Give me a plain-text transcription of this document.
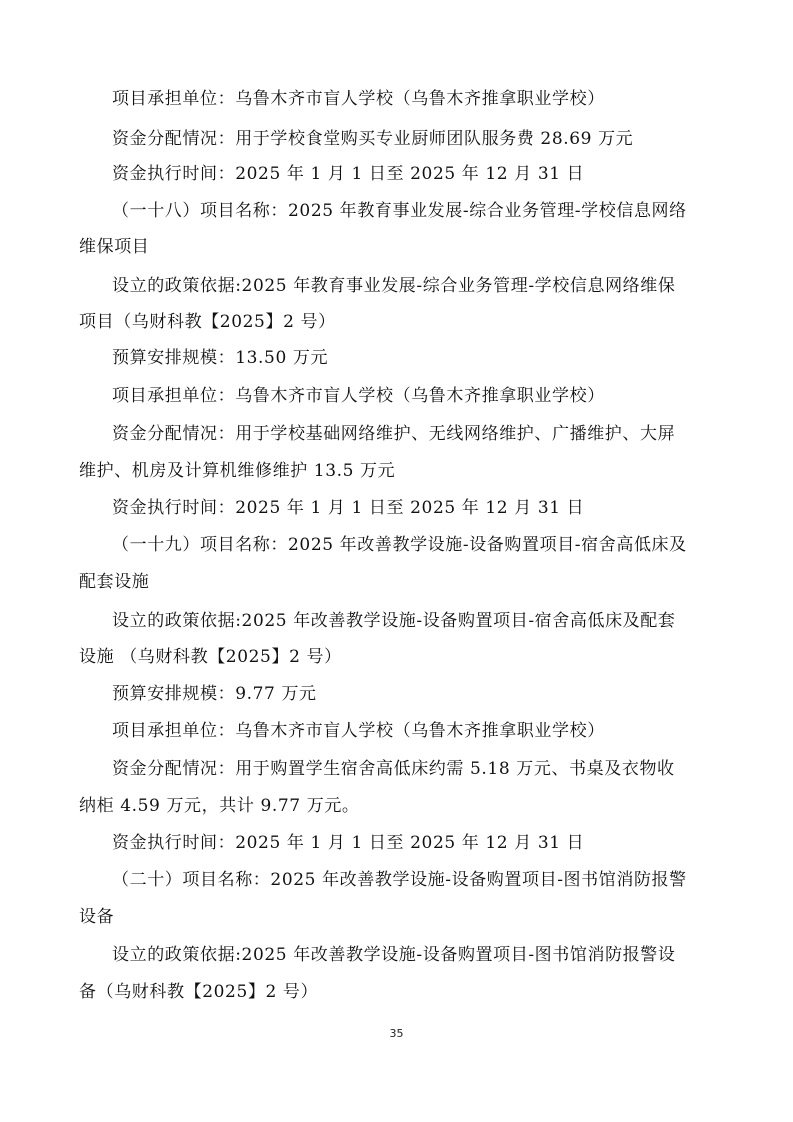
项目承担单位：乌鲁木齐市盲人学校（乌鲁木齐推拿职业学校）
资金分配情况：用于学校食堂购买专业厨师团队服务费 28.69 万元
资金执行时间：2025 年 1 月 1 日至 2025 年 12 月 31 日
（一十八）项目名称：2025 年教育事业发展-综合业务管理-学校信息网络
维保项目
设立的政策依据:2025 年教育事业发展-综合业务管理-学校信息网络维保
项目（乌财科教【2025】2 号）
预算安排规模：13.50 万元
项目承担单位：乌鲁木齐市盲人学校（乌鲁木齐推拿职业学校）
资金分配情况：用于学校基础网络维护、无线网络维护、广播维护、大屏
维护、机房及计算机维修维护 13.5 万元
资金执行时间：2025 年 1 月 1 日至 2025 年 12 月 31 日
（一十九）项目名称：2025 年改善教学设施-设备购置项目-宿舍高低床及
配套设施
设立的政策依据:2025 年改善教学设施-设备购置项目-宿舍高低床及配套
设施 （乌财科教【2025】2 号）
预算安排规模：9.77 万元
项目承担单位：乌鲁木齐市盲人学校（乌鲁木齐推拿职业学校）
资金分配情况：用于购置学生宿舍高低床约需 5.18 万元、书桌及衣物收
纳柜 4.59 万元，共计 9.77 万元。
资金执行时间：2025 年 1 月 1 日至 2025 年 12 月 31 日
（二十）项目名称：2025 年改善教学设施-设备购置项目-图书馆消防报警
设备
设立的政策依据:2025 年改善教学设施-设备购置项目-图书馆消防报警设
备（乌财科教【2025】2 号）
35
